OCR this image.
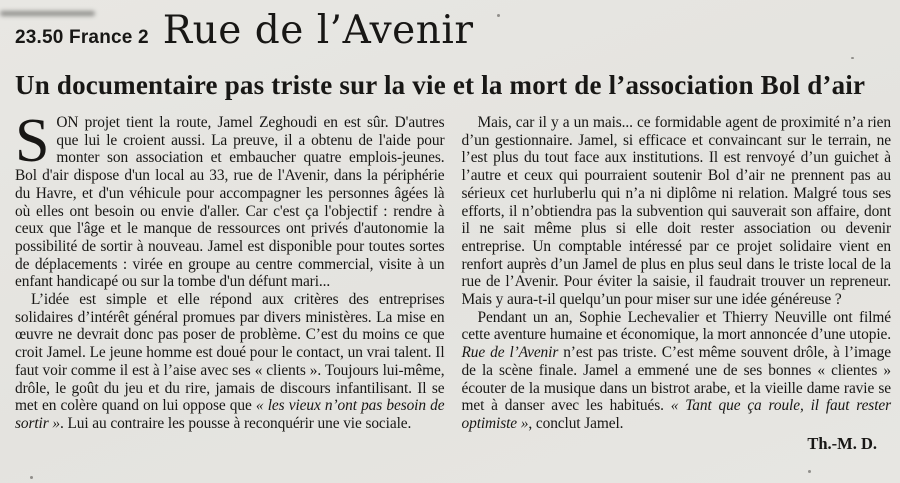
23.50 France 2 Rue de l’Avenir
Un documentaire pas triste sur la vie et la mort de l’association Bol d’air

SON projet tient la route, Jamel Zeghoudi en est sûr. D'autres que lui le croient aussi. La preuve, il a obtenu de l'aide pour monter son association et embaucher quatre emplois-jeunes. Bol d'air dispose d'un local au 33, rue de l'Avenir, dans la périphérie du Havre, et d'un véhicule pour accompagner les personnes âgées là où elles ont besoin ou envie d'aller. Car c'est ça l'objectif : rendre à ceux que l'âge et le manque de ressources ont privés d'autonomie la possibilité de sortir à nouveau. Jamel est disponible pour toutes sortes de déplacements : virée en groupe au centre commercial, visite à un enfant handicapé ou sur la tombe d'un défunt mari...

L’idée est simple et elle répond aux critères des entreprises solidaires d’intérêt général promues par divers ministères. La mise en œuvre ne devrait donc pas poser de problème. C’est du moins ce que croit Jamel. Le jeune homme est doué pour le contact, un vrai talent. Il faut voir comme il est à l’aise avec ses « clients ». Toujours lui-même, drôle, le goût du jeu et du rire, jamais de discours infantilisant. Il se met en colère quand on lui oppose que « les vieux n’ont pas besoin de sortir ». Lui au contraire les pousse à reconquérir une vie sociale.

Mais, car il y a un mais... ce formidable agent de proximité n’a rien d’un gestionnaire. Jamel, si efficace et convaincant sur le terrain, ne l’est plus du tout face aux institutions. Il est renvoyé d’un guichet à l’autre et ceux qui pourraient soutenir Bol d’air ne prennent pas au sérieux cet hurluberlu qui n’a ni diplôme ni relation. Malgré tous ses efforts, il n’obtiendra pas la subvention qui sauverait son affaire, dont il ne sait même plus si elle doit rester association ou devenir entreprise. Un comptable intéressé par ce projet solidaire vient en renfort auprès d’un Jamel de plus en plus seul dans le triste local de la rue de l’Avenir. Pour éviter la saisie, il faudrait trouver un repreneur. Mais y aura-t-il quelqu’un pour miser sur une idée généreuse ?

Pendant un an, Sophie Lechevalier et Thierry Neuville ont filmé cette aventure humaine et économique, la mort annoncée d’une utopie. Rue de l’Avenir n’est pas triste. C’est même souvent drôle, à l’image de la scène finale. Jamel a emmené une de ses bonnes « clientes » écouter de la musique dans un bistrot arabe, et la vieille dame ravie se met à danser avec les habitués. « Tant que ça roule, il faut rester optimiste », conclut Jamel.

Th.-M. D.
